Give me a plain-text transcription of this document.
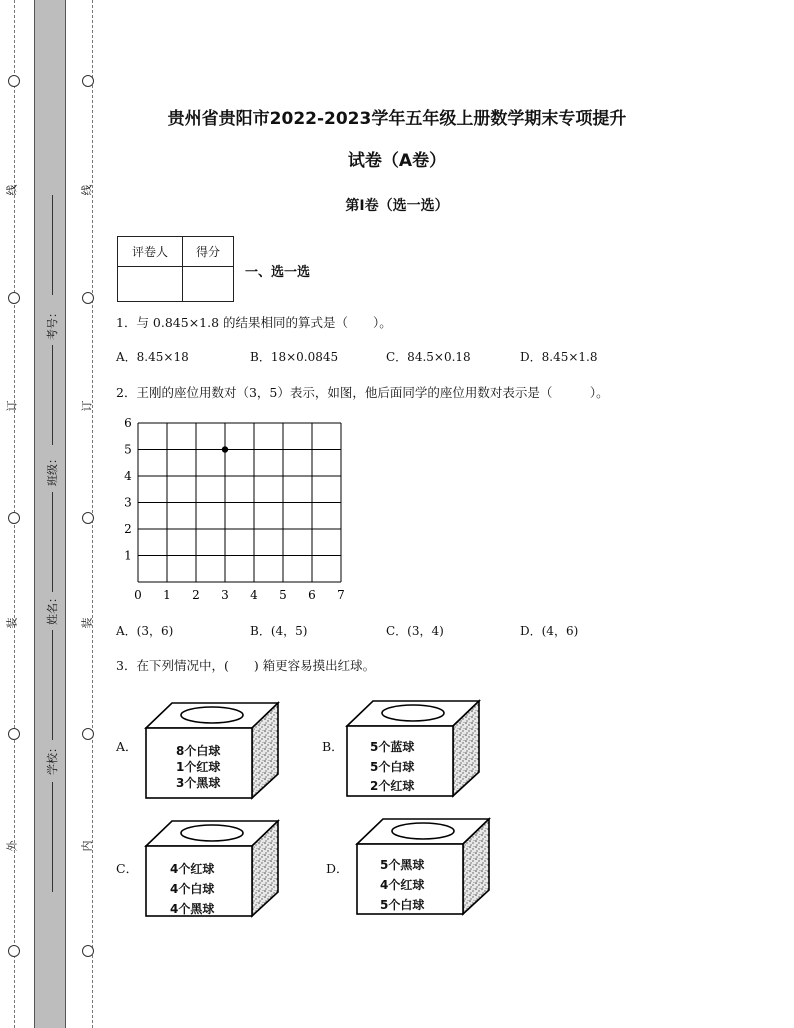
线
订
装
外
线
订
装
内
考号：
班级：
姓名：
学校：
贵州省贵阳市2022-2023学年五年级上册数学期末专项提升
试卷（A卷）
第I卷（选一选）
评卷人	得分

一、选一选
1．与 0.845×1.8 的结果相同的算式是（　　）。
A．8.45×18	B．18×0.0845	C．84.5×0.18	D．8.45×1.8
2．王刚的座位用数对（3，5）表示，如图，他后面同学的座位用数对表示是（　　　）。
0 1 2 3 4 5 6 7
1
2
3
4
5
6
A．(3，6)	B．(4，5)	C．(3，4)	D．(4，6)
3．在下列情况中，(　　) 箱更容易摸出红球。
A．	8个白球
1个红球
3个黑球
B． 5个蓝球
5个白球
2个红球
C．	4个红球
4个白球
4个黑球
D．	5个黑球
4个红球
5个白球
